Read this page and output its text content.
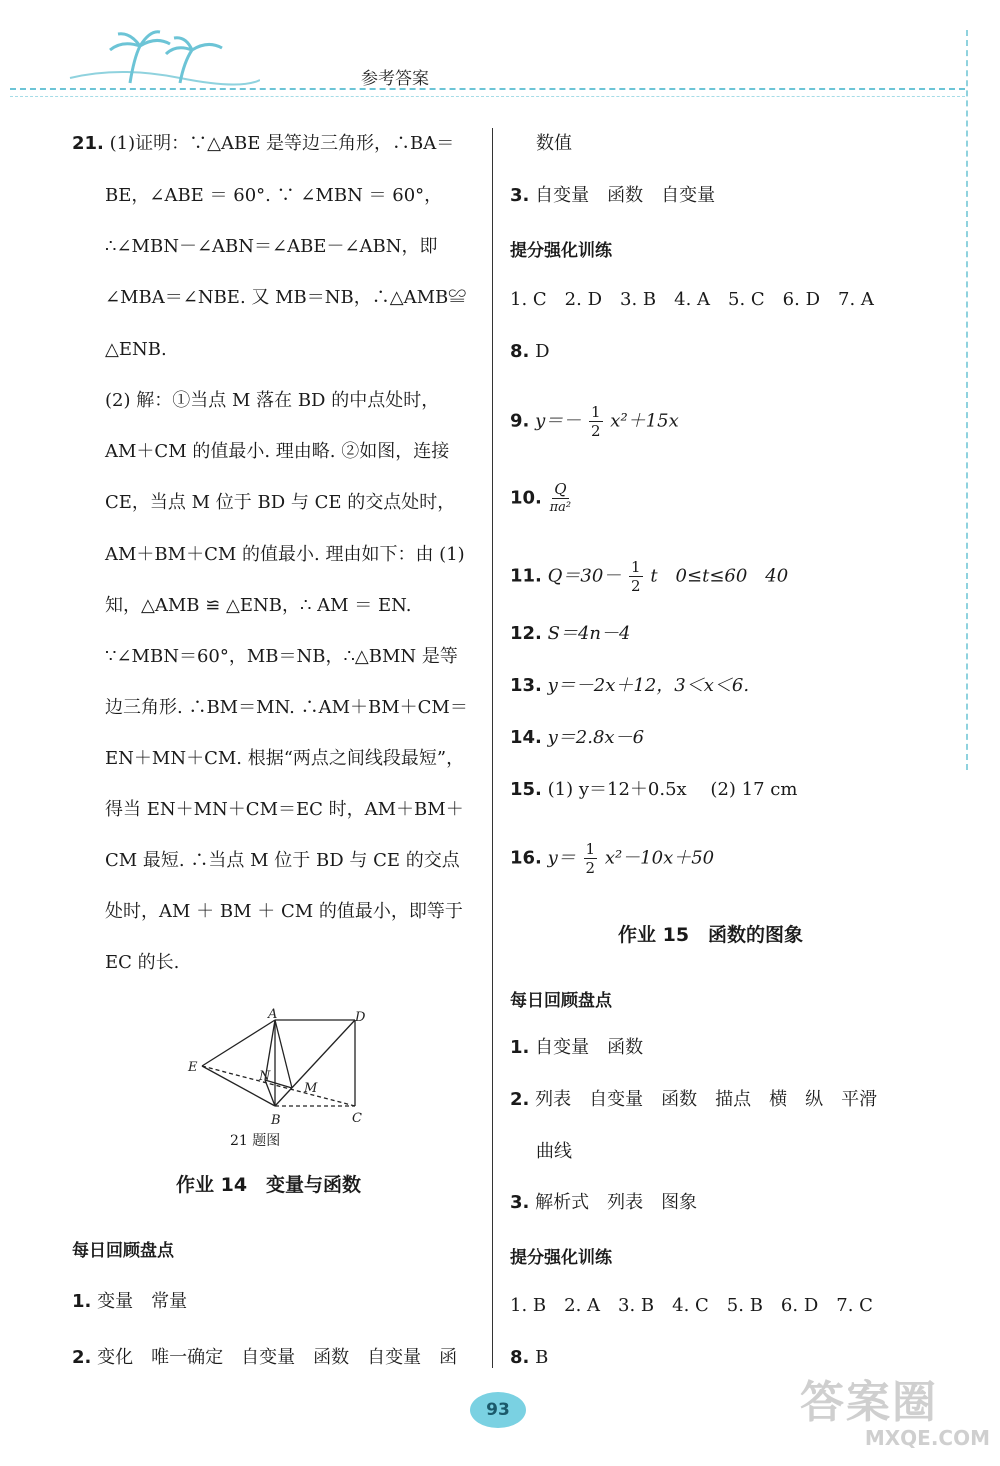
参考答案
21. (1)证明：∵△ABE 是等边三角形，∴BA＝
BE，∠ABE ＝ 60°. ∵ ∠MBN ＝ 60°，
∴∠MBN－∠ABN＝∠ABE－∠ABN，即
∠MBA＝∠NBE. 又 MB＝NB，∴△AMB≌
△ENB.
(2) 解：①当点 M 落在 BD 的中点处时，
AM＋CM 的值最小. 理由略. ②如图，连接
CE，当点 M 位于 BD 与 CE 的交点处时，
AM＋BM＋CM 的值最小. 理由如下：由 (1)
知，△AMB ≌ △ENB，∴ AM ＝ EN.
∵∠MBN＝60°，MB＝NB，∴△BMN 是等
边三角形. ∴BM＝MN. ∴AM＋BM＋CM＝
EN＋MN＋CM. 根据“两点之间线段最短”，
得当 EN＋MN＋CM＝EC 时，AM＋BM＋
CM 最短. ∴当点 M 位于 BD 与 CE 的交点
处时，AM ＋ BM ＋ CM 的值最小，即等于
EC 的长.
A	D
E
N
M
B	C
21 题图
作业 14　变量与函数
每日回顾盘点
1. 变量　常量
2. 变化　唯一确定　自变量　函数　自变量　函
数值
3. 自变量　函数　自变量
提分强化训练
1. C　2. D　3. B　4. A　5. C　6. D　7. A
8. D
9. $y=- \frac{1}{2} x^2+15x$
10. $\frac{Q}{\text{πa²}}$
11. $Q=30- \frac{1}{2}$ t　0≤t≤60　40
12. S＝4n－4
13. y＝－2x＋12，3＜x＜6.
14. y＝2.8x－6
15. (1) y＝12＋0.5x　 (2) 17 cm
16. $y= \frac{1}{2} x^2-10x+50$
作业 15　函数的图象
每日回顾盘点
1. 自变量　函数
2. 列表　自变量　函数　描点　横　纵　平滑
曲线
3. 解析式　列表　图象
提分强化训练
1. B　2. A　3. B　4. C　5. B　6. D　7. C
8. B
93	答案圈
MXQE.COM
